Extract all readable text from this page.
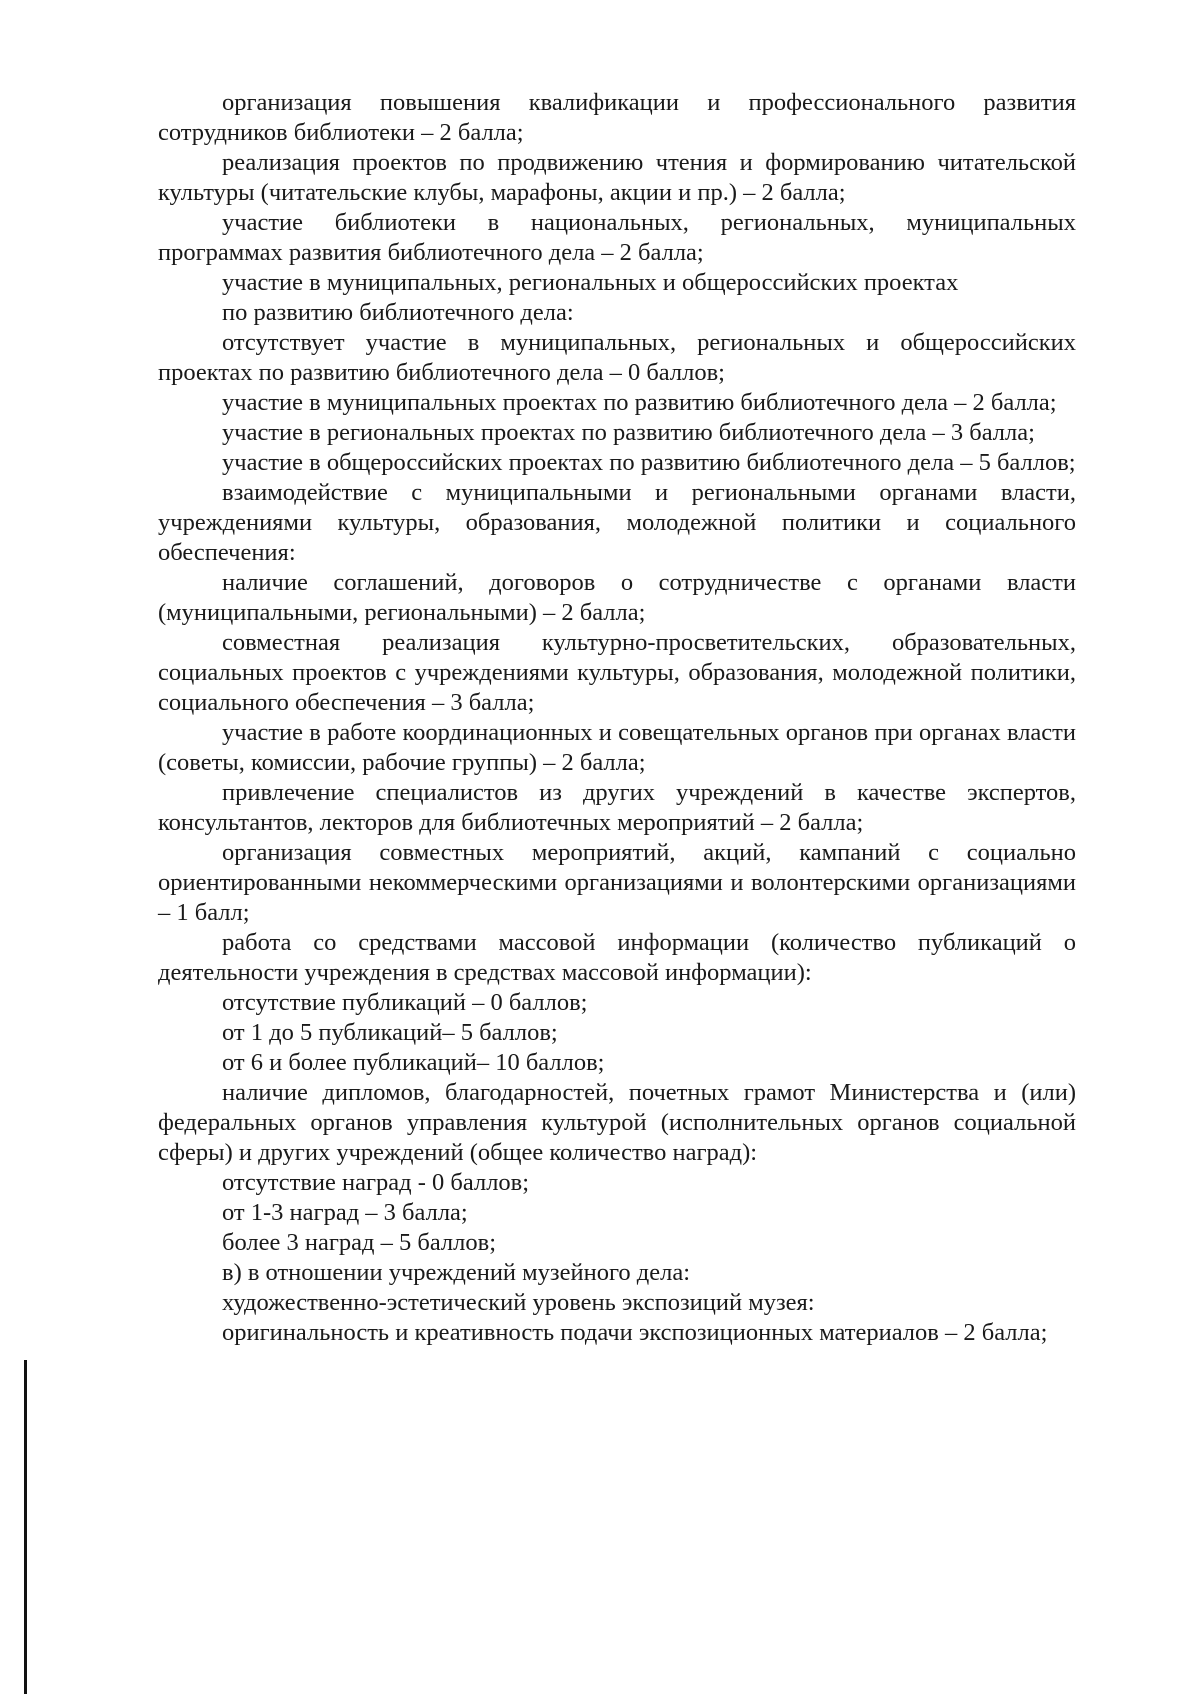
организация повышения квалификации и профессионального развития сотрудников библиотеки – 2 балла;

реализация проектов по продвижению чтения и формированию читательской культуры (читательские клубы, марафоны, акции и пр.) – 2 балла;

участие библиотеки в национальных, региональных, муниципальных программах развития библиотечного дела – 2 балла;

участие в муниципальных, региональных и общероссийских проектах

по развитию библиотечного дела:

отсутствует участие в муниципальных, региональных и общероссийских проектах по развитию библиотечного дела – 0 баллов;

участие в муниципальных проектах по развитию библиотечного дела – 2 балла;

участие в региональных проектах по развитию библиотечного дела – 3 балла;

участие в общероссийских проектах по развитию библиотечного дела – 5 баллов;

взаимодействие с муниципальными и региональными органами власти, учреждениями культуры, образования, молодежной политики и социального обеспечения:

наличие соглашений, договоров о сотрудничестве с органами власти (муниципальными, региональными) – 2 балла;

совместная реализация культурно-просветительских, образовательных, социальных проектов с учреждениями культуры, образования, молодежной политики, социального обеспечения – 3 балла;

участие в работе координационных и совещательных органов при органах власти (советы, комиссии, рабочие группы) – 2 балла;

привлечение специалистов из других учреждений в качестве экспертов, консультантов, лекторов для библиотечных мероприятий – 2 балла;

организация совместных мероприятий, акций, кампаний с социально ориентированными некоммерческими организациями и волонтерскими организациями – 1 балл;

работа со средствами массовой информации (количество публикаций о деятельности учреждения в средствах массовой информации):

отсутствие публикаций – 0 баллов;

от 1 до 5 публикаций– 5 баллов;

от 6 и более публикаций– 10 баллов;

наличие дипломов, благодарностей, почетных грамот Министерства и (или) федеральных органов управления культурой (исполнительных органов социальной сферы) и других учреждений (общее количество наград):

отсутствие наград - 0 баллов;

от 1-3 наград – 3 балла;

более 3 наград – 5 баллов;

в) в отношении учреждений музейного дела:

художественно-эстетический уровень экспозиций музея:

оригинальность и креативность подачи экспозиционных материалов – 2 балла;
